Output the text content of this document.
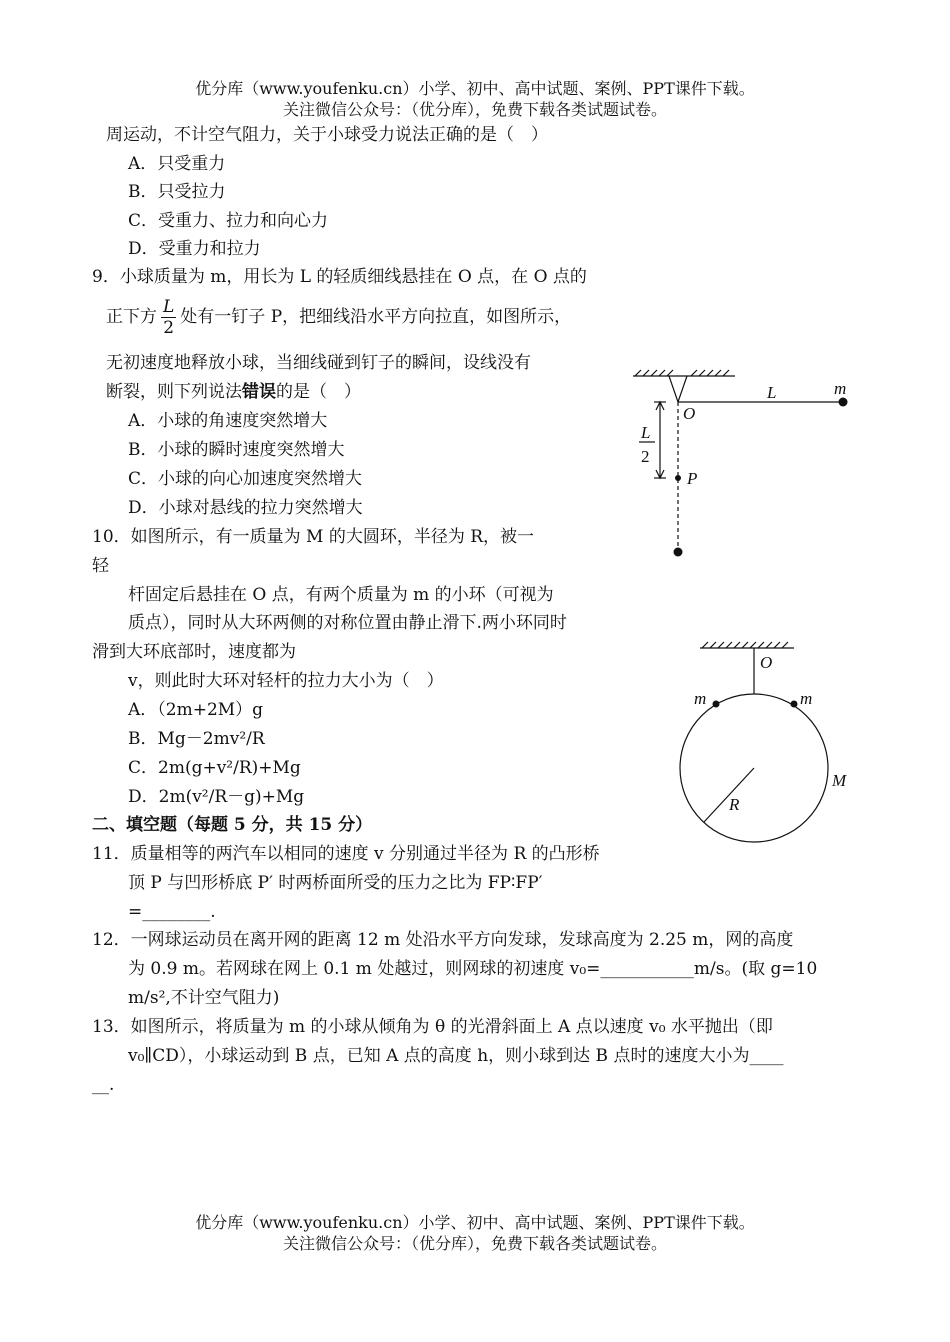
优分库（www.youfenku.cn）小学、初中、高中试题、案例、PPT课件下载。
关注微信公众号：（优分库），免费下载各类试题试卷。
周运动，不计空气阻力，关于小球受力说法正确的是（　）
A．只受重力
B．只受拉力
C．受重力、拉力和向心力
D．受重力和拉力
9．小球质量为 m，用长为 L 的轻质细线悬挂在 O 点，在 O 点的
正下方 $\frac{L}{2}$ 处有一钉子 P，把细线沿水平方向拉直，如图所示，
无初速度地释放小球，当细线碰到钉子的瞬间，设线没有
断裂，则下列说法错误的是（　）
A．小球的角速度突然增大
B．小球的瞬时速度突然增大
C．小球的向心加速度突然增大
D．小球对悬线的拉力突然增大
O
L	m
P
L
2
10．如图所示，有一质量为 M 的大圆环，半径为 R，被一
轻
杆固定后悬挂在 O 点，有两个质量为 m 的小环（可视为
质点），同时从大环两侧的对称位置由静止滑下.两小环同时
滑到大环底部时，速度都为
v，则此时大环对轻杆的拉力大小为（　）
A．（2m+2M）g
B．Mg－2mv²/R
C．2m(g+v²/R)+Mg
D．2m(v²/R－g)+Mg
O
m	m
M
R
二、填空题（每题 5 分，共 15 分）
11．质量相等的两汽车以相同的速度 v 分别通过半径为 R 的凸形桥
顶 P 与凹形桥底 P′ 时两桥面所受的压力之比为 FP∶FP′
=________.
12．一网球运动员在离开网的距离 12 m 处沿水平方向发球，发球高度为 2.25 m，网的高度
为 0.9 m。若网球在网上 0.1 m 处越过，则网球的初速度 v₀=___________m/s。(取 g=10
m/s²,不计空气阻力)
13．如图所示，将质量为 m 的小球从倾角为 θ 的光滑斜面上 A 点以速度 v₀ 水平抛出（即
v₀∥CD），小球运动到 B 点，已知 A 点的高度 h，则小球到达 B 点时的速度大小为____
__.
优分库（www.youfenku.cn）小学、初中、高中试题、案例、PPT课件下载。
关注微信公众号：（优分库），免费下载各类试题试卷。
